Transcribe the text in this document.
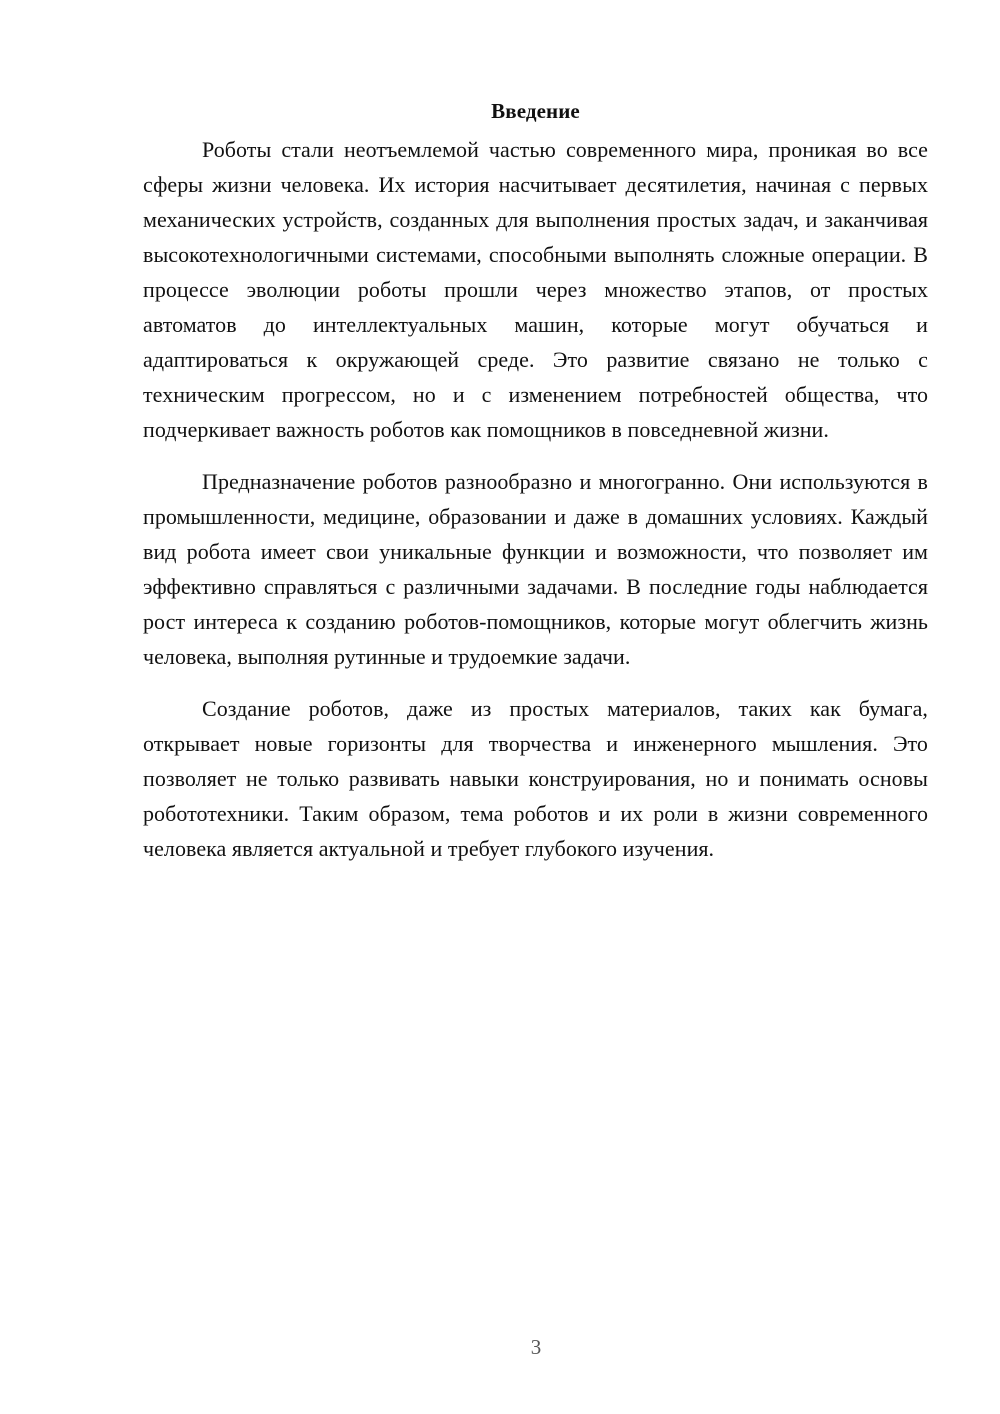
Введение

Роботы стали неотъемлемой частью современного мира, проникая во все сферы жизни человека. Их история насчитывает десятилетия, начиная с первых механических устройств, созданных для выполнения простых задач, и заканчивая высокотехнологичными системами, способными выполнять сложные операции. В процессе эволюции роботы прошли через множество этапов, от простых автоматов до интеллектуальных машин, которые могут обучаться и адаптироваться к окружающей среде. Это развитие связано не только с техническим прогрессом, но и с изменением потребностей общества, что подчеркивает важность роботов как помощников в повседневной жизни.

Предназначение роботов разнообразно и многогранно. Они используются в промышленности, медицине, образовании и даже в домашних условиях. Каждый вид робота имеет свои уникальные функции и возможности, что позволяет им эффективно справляться с различными задачами. В последние годы наблюдается рост интереса к созданию роботов-помощников, которые могут облегчить жизнь человека, выполняя рутинные и трудоемкие задачи.

Создание роботов, даже из простых материалов, таких как бумага, открывает новые горизонты для творчества и инженерного мышления. Это позволяет не только развивать навыки конструирования, но и понимать основы робототехники. Таким образом, тема роботов и их роли в жизни современного человека является актуальной и требует глубокого изучения.

3
